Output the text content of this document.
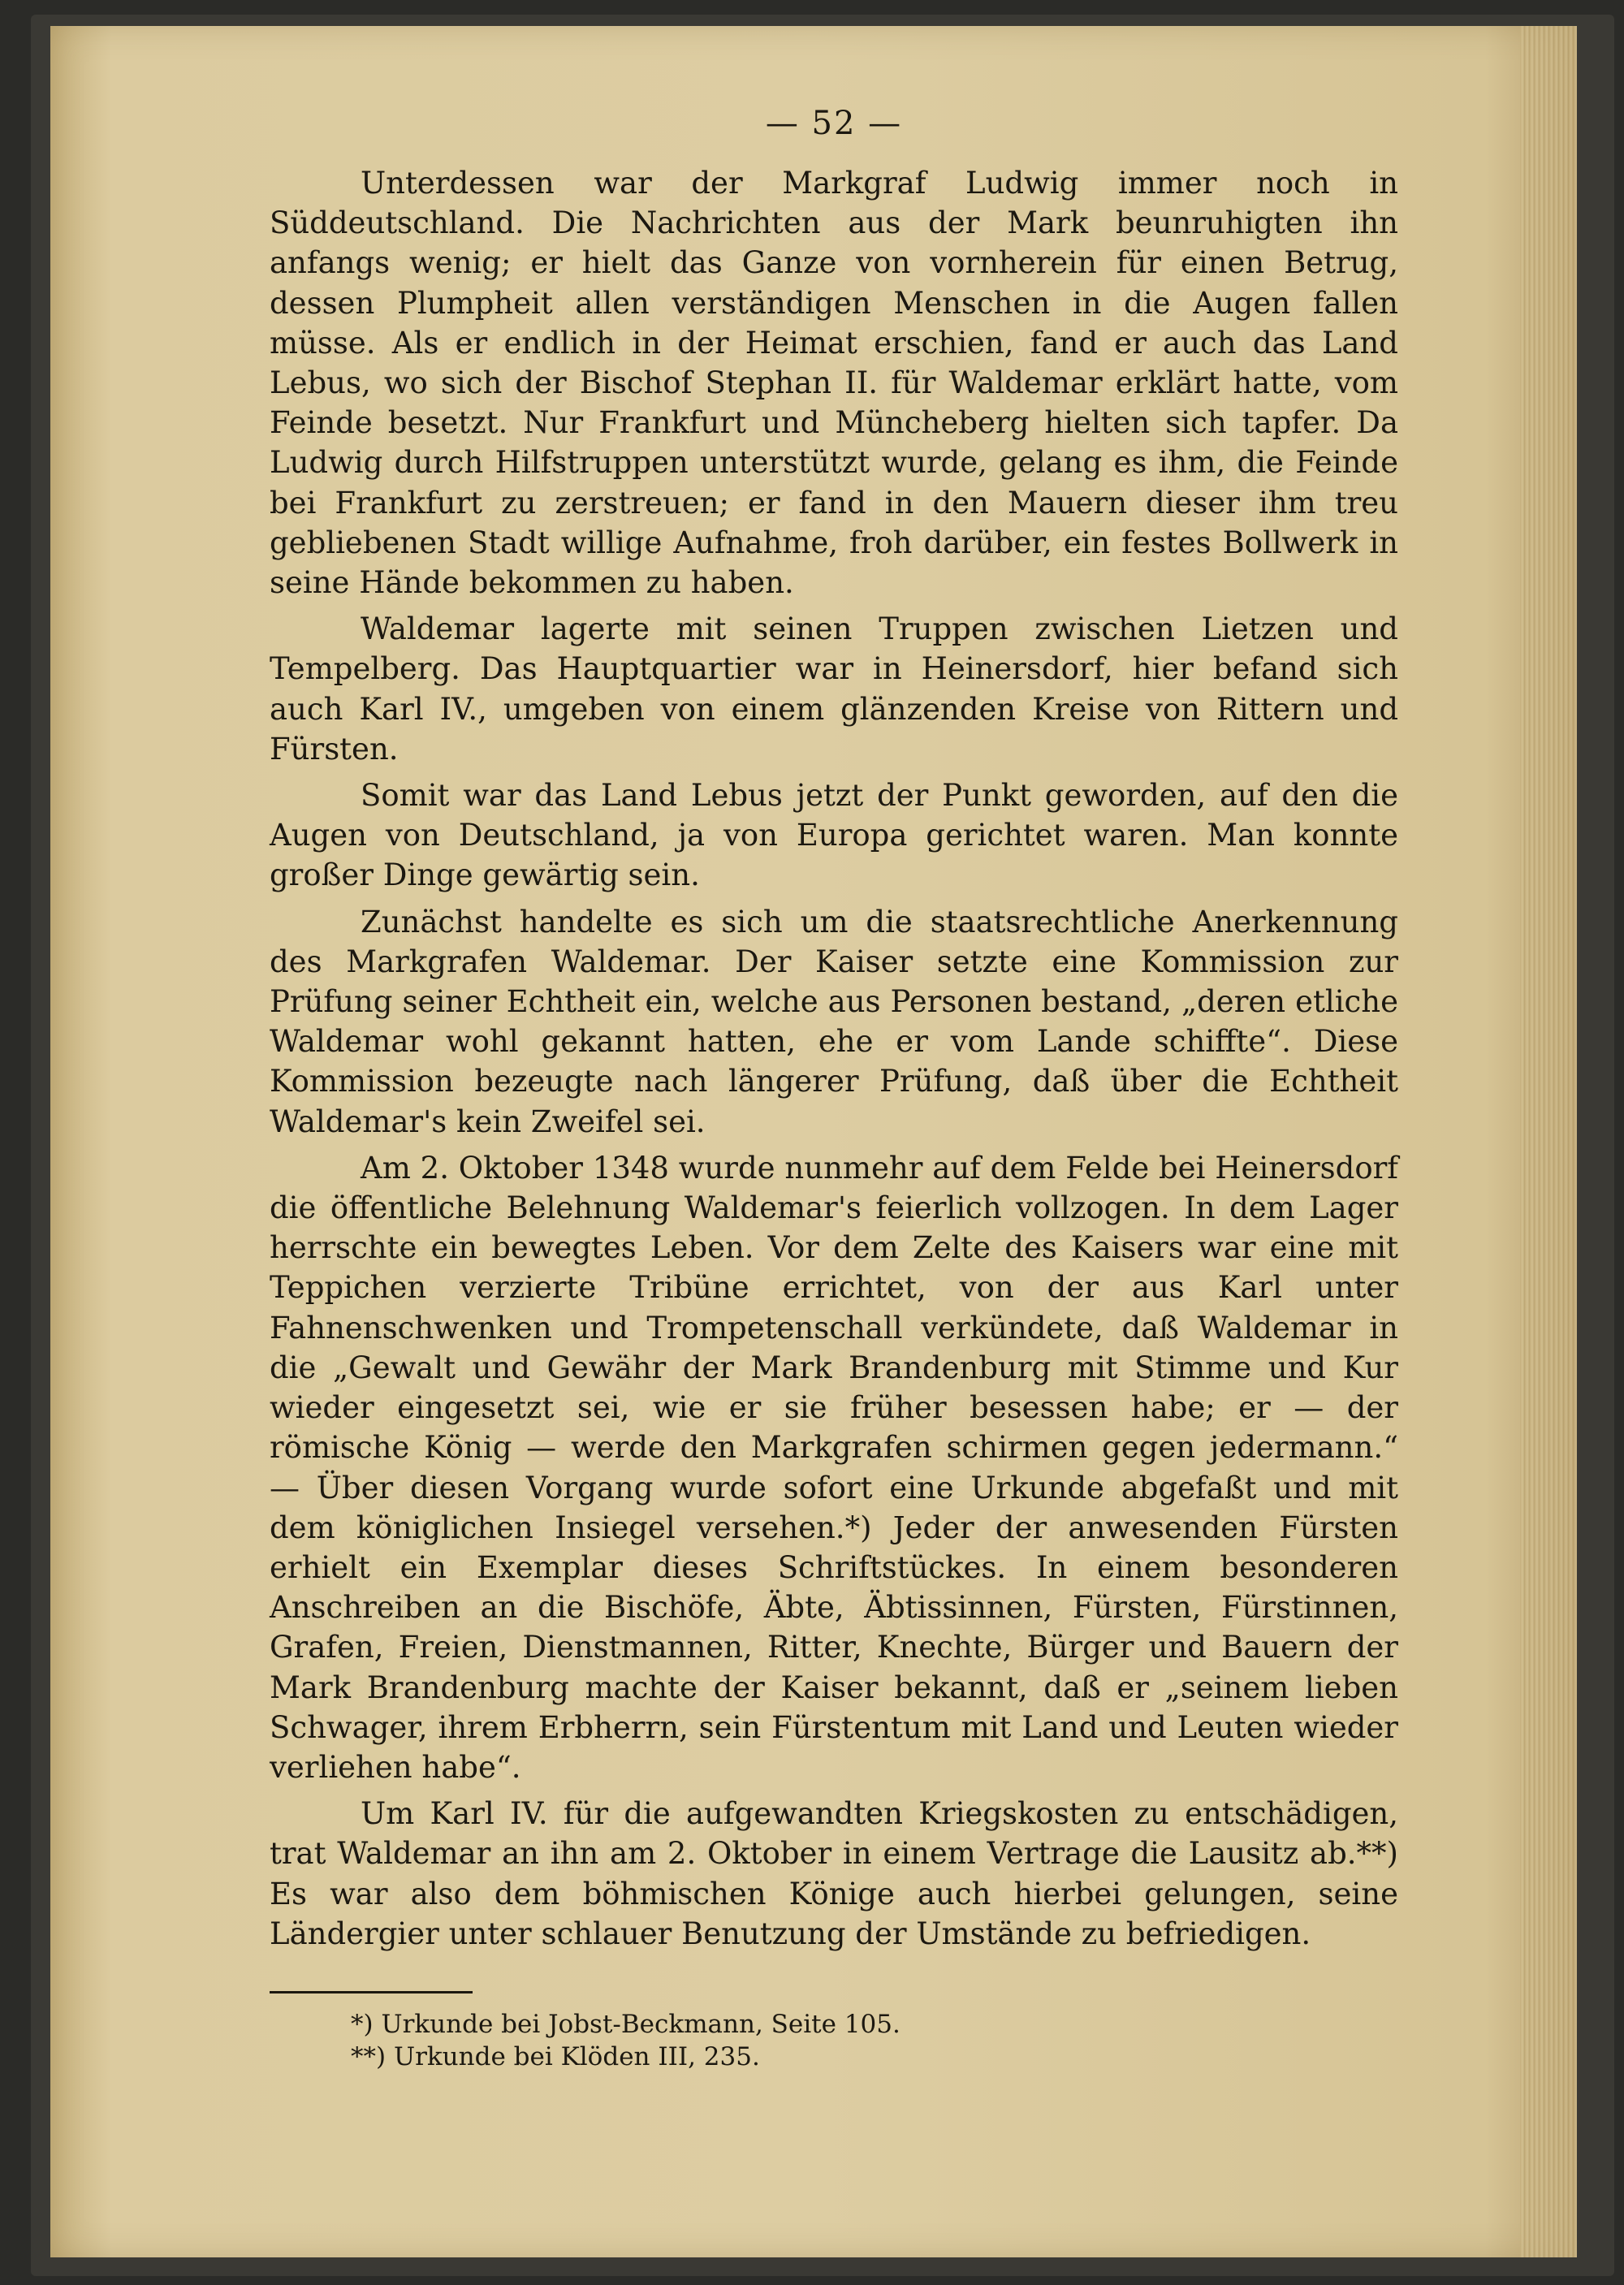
— 52 —

Unterdessen war der Markgraf Ludwig immer noch in Süddeutschland. Die Nachrichten aus der Mark beunruhigten ihn anfangs wenig; er hielt das Ganze von vornherein für einen Betrug, dessen Plumpheit allen verständigen Menschen in die Augen fallen müsse. Als er endlich in der Heimat erschien, fand er auch das Land Lebus, wo sich der Bischof Stephan II. für Waldemar erklärt hatte, vom Feinde besetzt. Nur Frankfurt und Müncheberg hielten sich tapfer. Da Ludwig durch Hilfstruppen unterstützt wurde, gelang es ihm, die Feinde bei Frankfurt zu zerstreuen; er fand in den Mauern dieser ihm treu gebliebenen Stadt willige Aufnahme, froh darüber, ein festes Bollwerk in seine Hände bekommen zu haben.

Waldemar lagerte mit seinen Truppen zwischen Lietzen und Tempelberg. Das Hauptquartier war in Heinersdorf, hier befand sich auch Karl IV., umgeben von einem glänzenden Kreise von Rittern und Fürsten.

Somit war das Land Lebus jetzt der Punkt geworden, auf den die Augen von Deutschland, ja von Europa gerichtet waren. Man konnte großer Dinge gewärtig sein.

Zunächst handelte es sich um die staatsrechtliche Anerkennung des Markgrafen Waldemar. Der Kaiser setzte eine Kommission zur Prüfung seiner Echtheit ein, welche aus Personen bestand, „deren etliche Waldemar wohl gekannt hatten, ehe er vom Lande schiffte“. Diese Kommission bezeugte nach längerer Prüfung, daß über die Echtheit Waldemar's kein Zweifel sei.

Am 2. Oktober 1348 wurde nunmehr auf dem Felde bei Heinersdorf die öffentliche Belehnung Waldemar's feierlich vollzogen. In dem Lager herrschte ein bewegtes Leben. Vor dem Zelte des Kaisers war eine mit Teppichen verzierte Tribüne errichtet, von der aus Karl unter Fahnenschwenken und Trompetenschall verkündete, daß Waldemar in die „Gewalt und Gewähr der Mark Brandenburg mit Stimme und Kur wieder eingesetzt sei, wie er sie früher besessen habe; er — der römische König — werde den Markgrafen schirmen gegen jedermann.“ — Über diesen Vorgang wurde sofort eine Urkunde abgefaßt und mit dem königlichen Insiegel versehen.*) Jeder der anwesenden Fürsten erhielt ein Exemplar dieses Schriftstückes. In einem besonderen Anschreiben an die Bischöfe, Äbte, Äbtissinnen, Fürsten, Fürstinnen, Grafen, Freien, Dienstmannen, Ritter, Knechte, Bürger und Bauern der Mark Brandenburg machte der Kaiser bekannt, daß er „seinem lieben Schwager, ihrem Erbherrn, sein Fürstentum mit Land und Leuten wieder verliehen habe“.

Um Karl IV. für die aufgewandten Kriegskosten zu entschädigen, trat Waldemar an ihn am 2. Oktober in einem Vertrage die Lausitz ab.**) Es war also dem böhmischen Könige auch hierbei gelungen, seine Ländergier unter schlauer Benutzung der Umstände zu befriedigen.

*) Urkunde bei Jobst-Beckmann, Seite 105.

**) Urkunde bei Klöden III, 235.
